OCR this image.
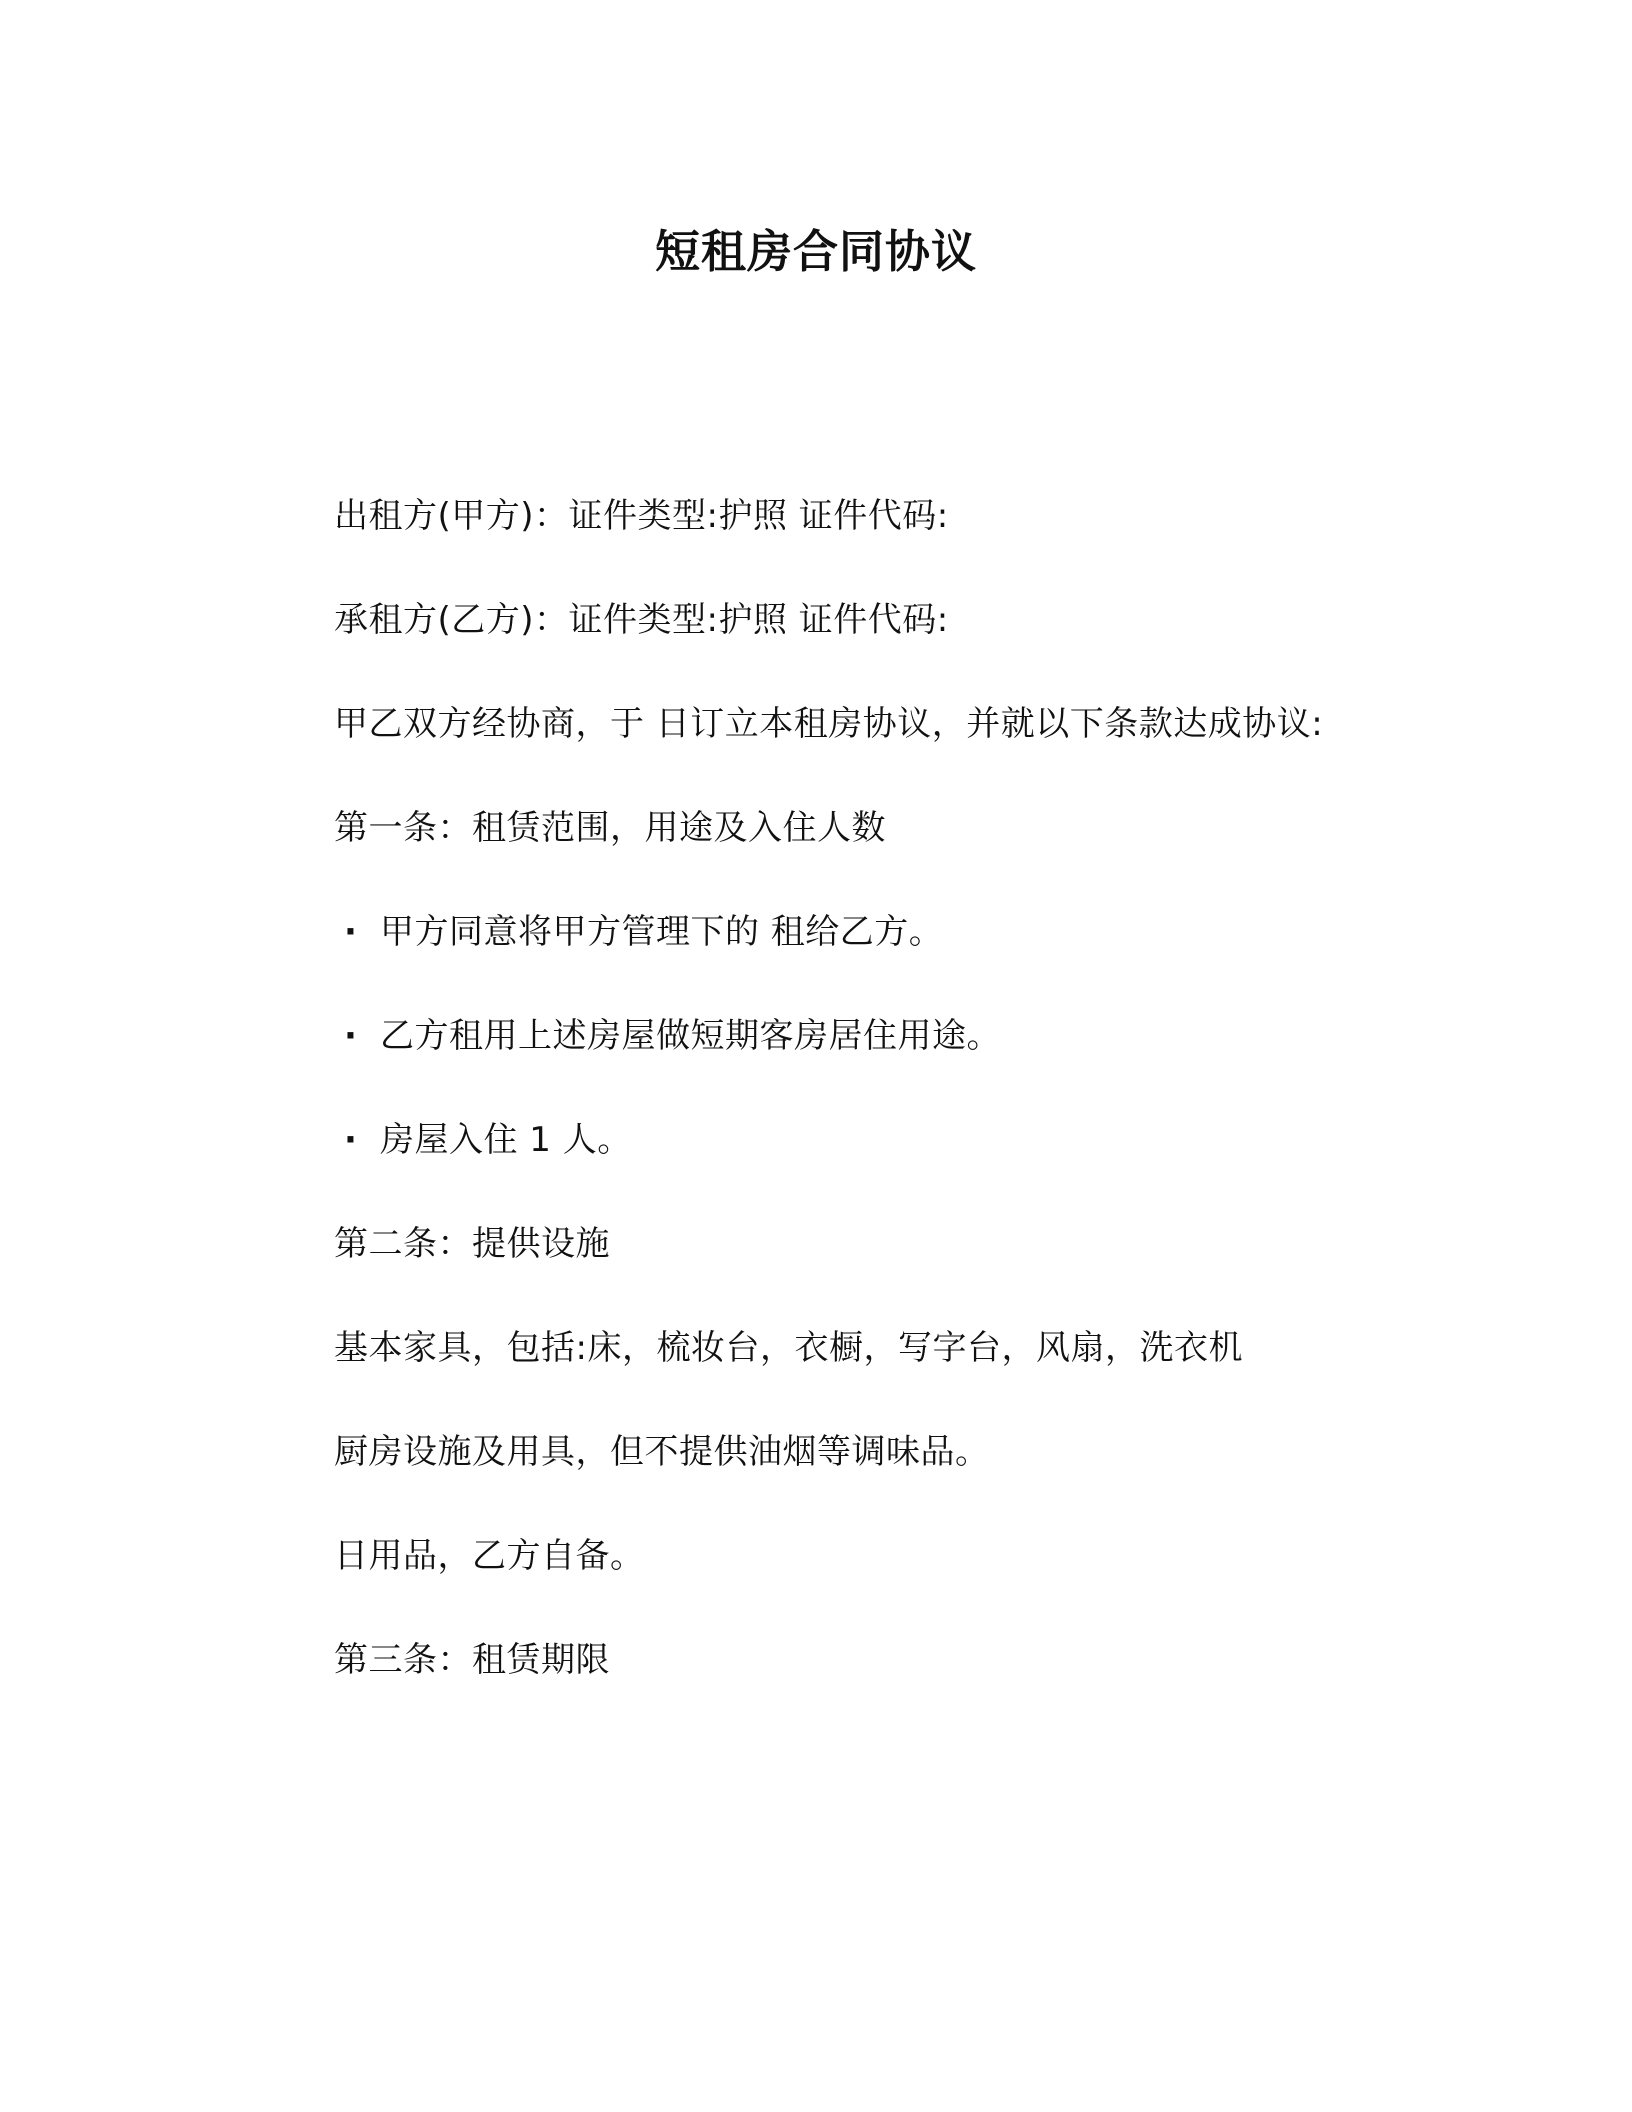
短租房合同协议
出租方(甲方)：证件类型:护照 证件代码:
承租方(乙方)：证件类型:护照 证件代码:
甲乙双方经协商，于 日订立本租房协议，并就以下条款达成协议:
第一条：租赁范围，用途及入住人数
· 甲方同意将甲方管理下的 租给乙方。
· 乙方租用上述房屋做短期客房居住用途。
· 房屋入住 1 人。
第二条：提供设施
基本家具，包括:床，梳妆台，衣橱，写字台，风扇，洗衣机
厨房设施及用具，但不提供油烟等调味品。
日用品，乙方自备。
第三条：租赁期限
